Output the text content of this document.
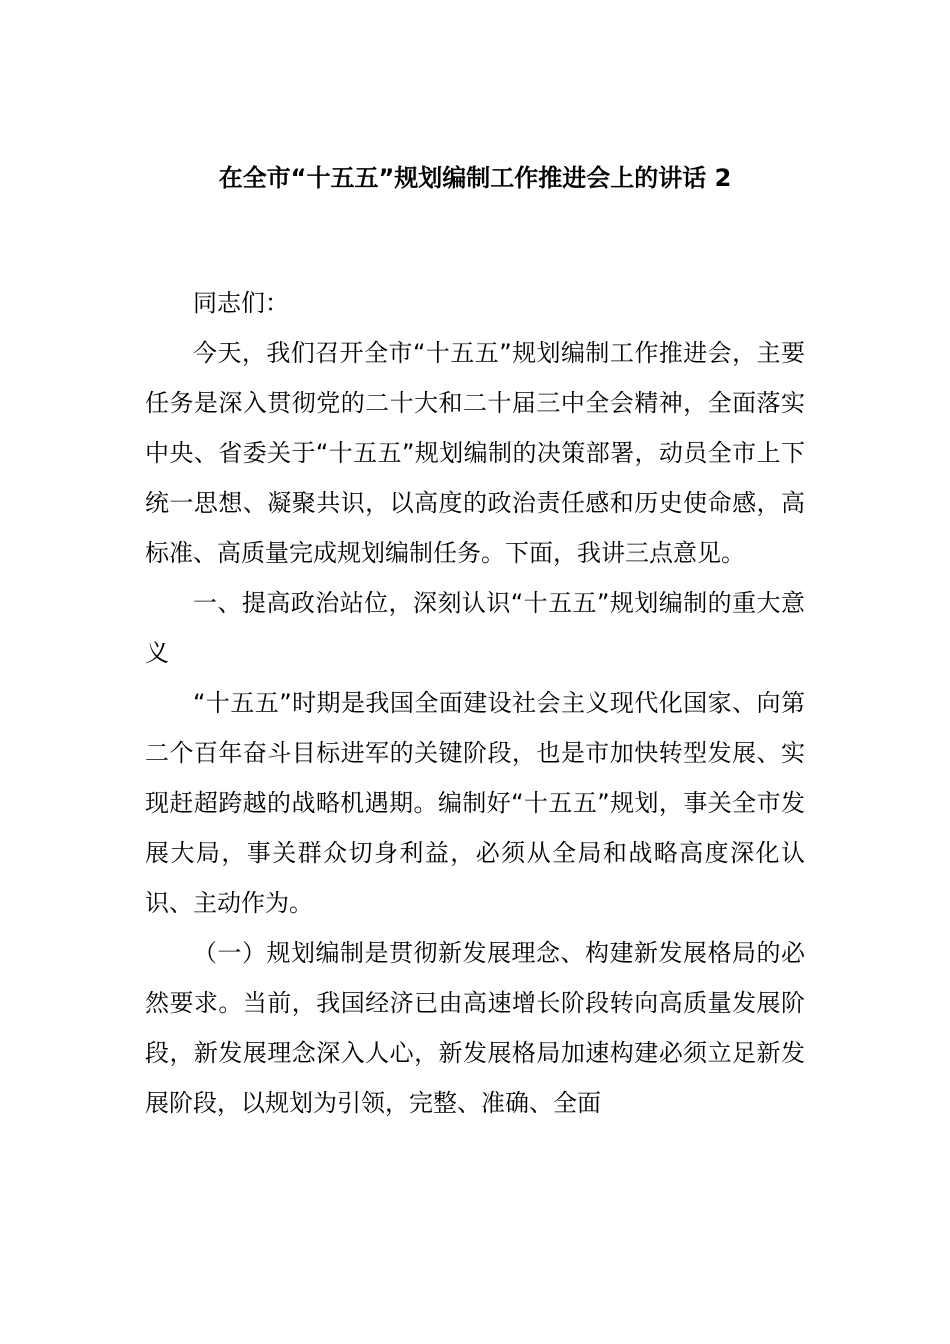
在全市“十五五”规划编制工作推进会上的讲话 2

同志们：

今天，我们召开全市“十五五”规划编制工作推进会，主要任务是深入贯彻党的二十大和二十届三中全会精神，全面落实中央、省委关于“十五五”规划编制的决策部署，动员全市上下统一思想、凝聚共识，以高度的政治责任感和历史使命感，高标准、高质量完成规划编制任务。下面，我讲三点意见。

一、提高政治站位，深刻认识“十五五”规划编制的重大意义

“十五五”时期是我国全面建设社会主义现代化国家、向第二个百年奋斗目标进军的关键阶段，也是市加快转型发展、实现赶超跨越的战略机遇期。编制好“十五五”规划，事关全市发展大局，事关群众切身利益，必须从全局和战略高度深化认识、主动作为。

（一）规划编制是贯彻新发展理念、构建新发展格局的必然要求。当前，我国经济已由高速增长阶段转向高质量发展阶段，新发展理念深入人心，新发展格局加速构建必须立足新发展阶段，以规划为引领，完整、准确、全面
